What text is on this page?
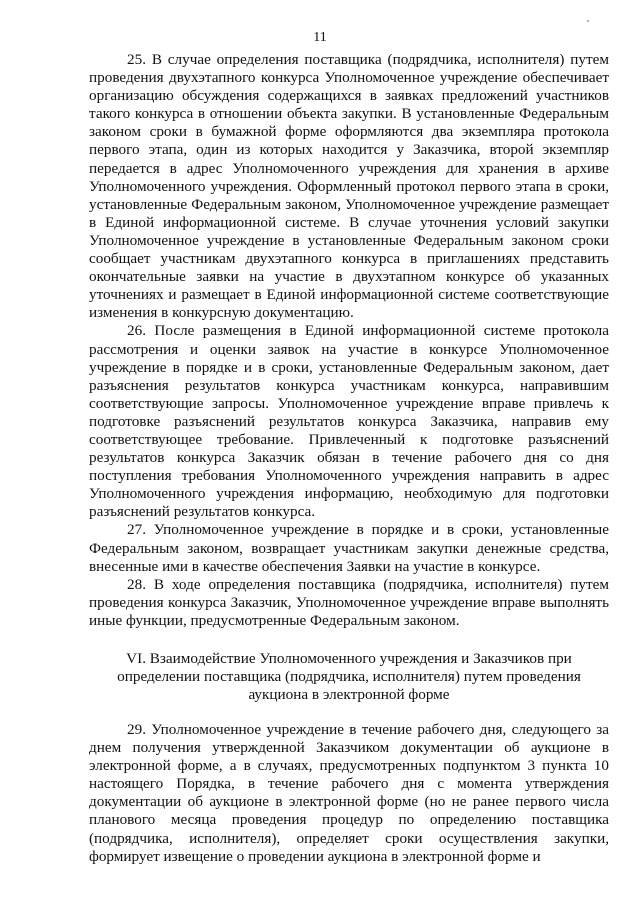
11

25. В случае определения поставщика (подрядчика, исполнителя) путем проведения двухэтапного конкурса Уполномоченное учреждение обеспечивает организацию обсуждения содержащихся в заявках предложений участников такого конкурса в отношении объекта закупки. В установленные Федеральным законом сроки в бумажной форме оформляются два экземпляра протокола первого этапа, один из которых находится у Заказчика, второй экземпляр передается в адрес Уполномоченного учреждения для хранения в архиве Уполномоченного учреждения. Оформленный протокол первого этапа в сроки, установленные Федеральным законом, Уполномоченное учреждение размещает в Единой информационной системе. В случае уточнения условий закупки Уполномоченное учреждение в установленные Федеральным законом сроки сообщает участникам двухэтапного конкурса в приглашениях представить окончательные заявки на участие в двухэтапном конкурсе об указанных уточнениях и размещает в Единой информационной системе соответствующие изменения в конкурсную документацию.

26. После размещения в Единой информационной системе протокола рассмотрения и оценки заявок на участие в конкурсе Уполномоченное учреждение в порядке и в сроки, установленные Федеральным законом, дает разъяснения результатов конкурса участникам конкурса, направившим соответствующие запросы. Уполномоченное учреждение вправе привлечь к подготовке разъяснений результатов конкурса Заказчика, направив ему соответствующее требование. Привлеченный к подготовке разъяснений результатов конкурса Заказчик обязан в течение рабочего дня со дня поступления требования Уполномоченного учреждения направить в адрес Уполномоченного учреждения информацию, необходимую для подготовки разъяснений результатов конкурса.

27. Уполномоченное учреждение в порядке и в сроки, установленные Федеральным законом, возвращает участникам закупки денежные средства, внесенные ими в качестве обеспечения Заявки на участие в конкурсе.

28. В ходе определения поставщика (подрядчика, исполнителя) путем проведения конкурса Заказчик, Уполномоченное учреждение вправе выполнять иные функции, предусмотренные Федеральным законом.

VI. Взаимодействие Уполномоченного учреждения и Заказчиков при
определении поставщика (подрядчика, исполнителя) путем проведения
аукциона в электронной форме

29. Уполномоченное учреждение в течение рабочего дня, следующего за днем получения утвержденной Заказчиком документации об аукционе в электронной форме, а в случаях, предусмотренных подпунктом 3 пункта 10 настоящего Порядка, в течение рабочего дня с момента утверждения документации об аукционе в электронной форме (но не ранее первого числа планового месяца проведения процедур по определению поставщика (подрядчика, исполнителя), определяет сроки осуществления закупки, формирует извещение о проведении аукциона в электронной форме и
